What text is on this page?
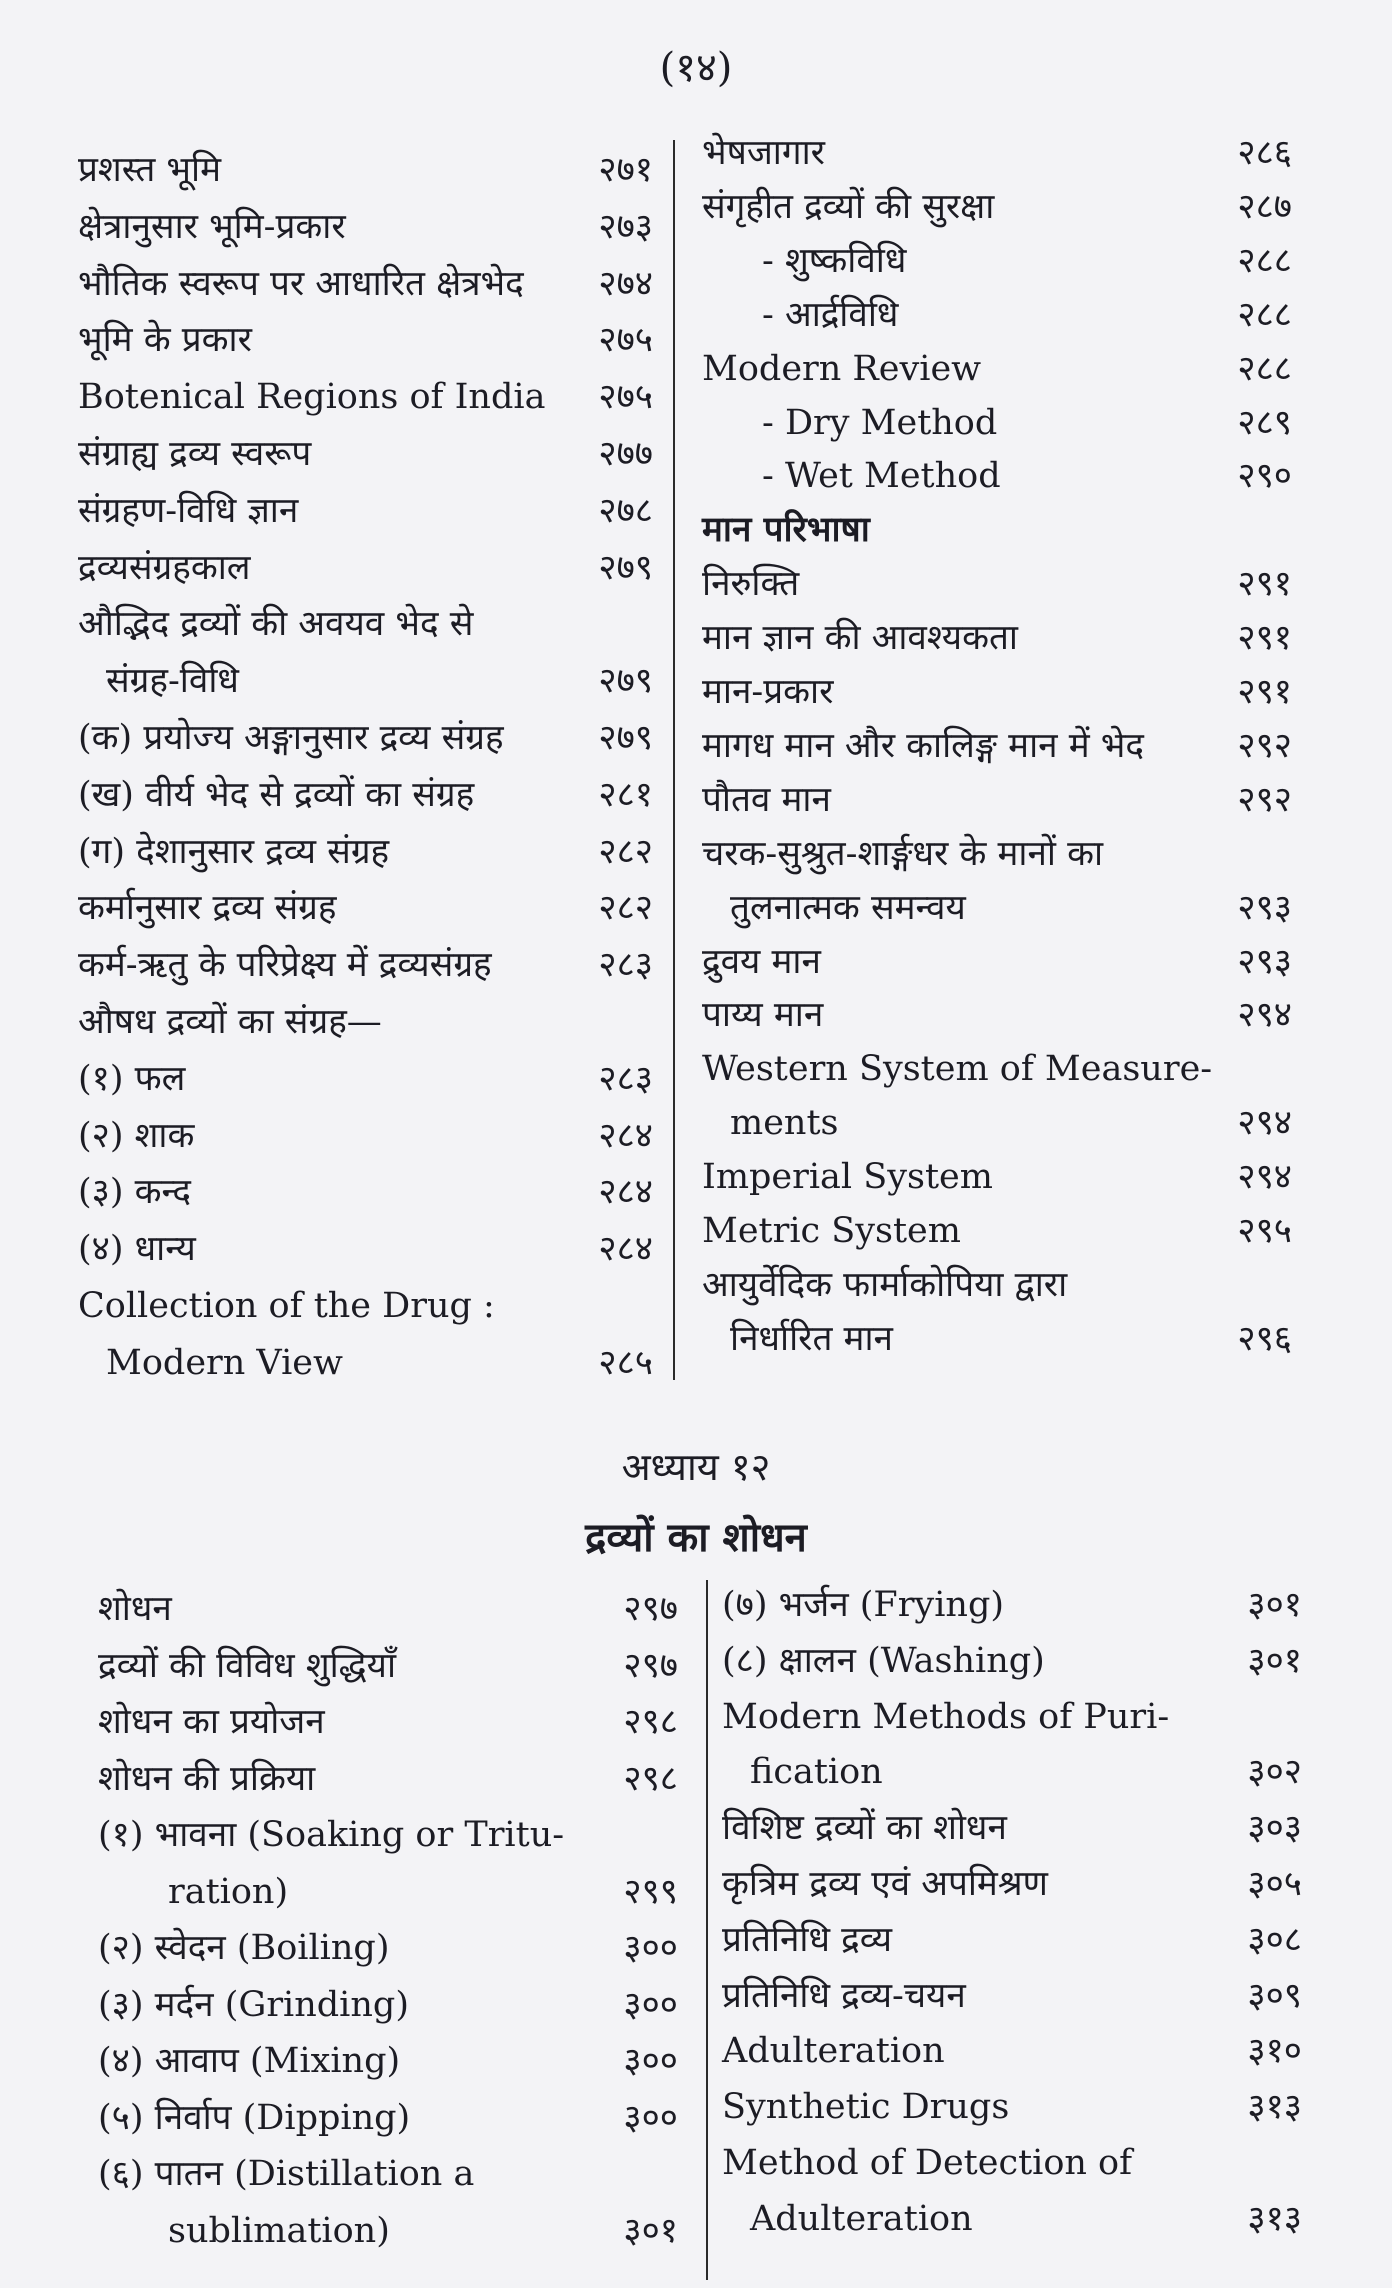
(१४)
प्रशस्त भूमि	२७१
क्षेत्रानुसार भूमि-प्रकार	२७३
भौतिक स्वरूप पर आधारित क्षेत्रभेद २७४
भूमि के प्रकार	२७५
Botenical Regions of India २७५
संग्राह्य द्रव्य स्वरूप	२७७
संग्रहण-विधि ज्ञान	२७८
द्रव्यसंग्रहकाल	२७९
औद्भिद द्रव्यों की अवयव भेद से
संग्रह-विधि	२७९
(क) प्रयोज्य अङ्गानुसार द्रव्य संग्रह	२७९
(ख) वीर्य भेद से द्रव्यों का संग्रह	२८१
(ग) देशानुसार द्रव्य संग्रह	२८२
कर्मानुसार द्रव्य संग्रह	२८२
कर्म-ऋतु के परिप्रेक्ष्य में द्रव्यसंग्रह	२८३
औषध द्रव्यों का संग्रह—
(१) फल	२८३
(२) शाक	२८४
(३) कन्द	२८४
(४) धान्य	२८४
Collection of the Drug :
Modern View	२८५
भेषजागार	२८६
संगृहीत द्रव्यों की सुरक्षा	२८७
- शुष्कविधि	२८८
- आर्द्रविधि	२८८
Modern Review	२८८
- Dry Method	२८९
- Wet Method	२९०
मान परिभाषा
निरुक्ति	२९१
मान ज्ञान की आवश्यकता	२९१
मान-प्रकार	२९१
मागध मान और कालिङ्ग मान में भेद	२९२
पौतव मान	२९२
चरक-सुश्रुत-शार्ङ्गधर के मानों का
तुलनात्मक समन्वय	२९३
द्रुवय मान	२९३
पाय्य मान	२९४
Western System of Measure-
ments	२९४
Imperial System	२९४
Metric System	२९५
आयुर्वेदिक फार्माकोपिया द्वारा
निर्धारित मान	२९६
अध्याय १२
द्रव्यों का शोधन
शोधन	२९७
द्रव्यों की विविध शुद्धियाँ	२९७
शोधन का प्रयोजन	२९८
शोधन की प्रक्रिया	२९८
(१) भावना (Soaking or Tritu-
ration)	२९९
(२) स्वेदन (Boiling)	३००
(३) मर्दन (Grinding)	३००
(४) आवाप (Mixing)	३००
(५) निर्वाप (Dipping)	३००
(६) पातन (Distillation a
sublimation)	३०१
(७) भर्जन (Frying)	३०१
(८) क्षालन (Washing)	३०१
Modern Methods of Puri-
fication	३०२
विशिष्ट द्रव्यों का शोधन	३०३
कृत्रिम द्रव्य एवं अपमिश्रण	३०५
प्रतिनिधि द्रव्य	३०८
प्रतिनिधि द्रव्य-चयन	३०९
Adulteration	३१०
Synthetic Drugs	३१३
Method of Detection of
Adulteration	३१३
